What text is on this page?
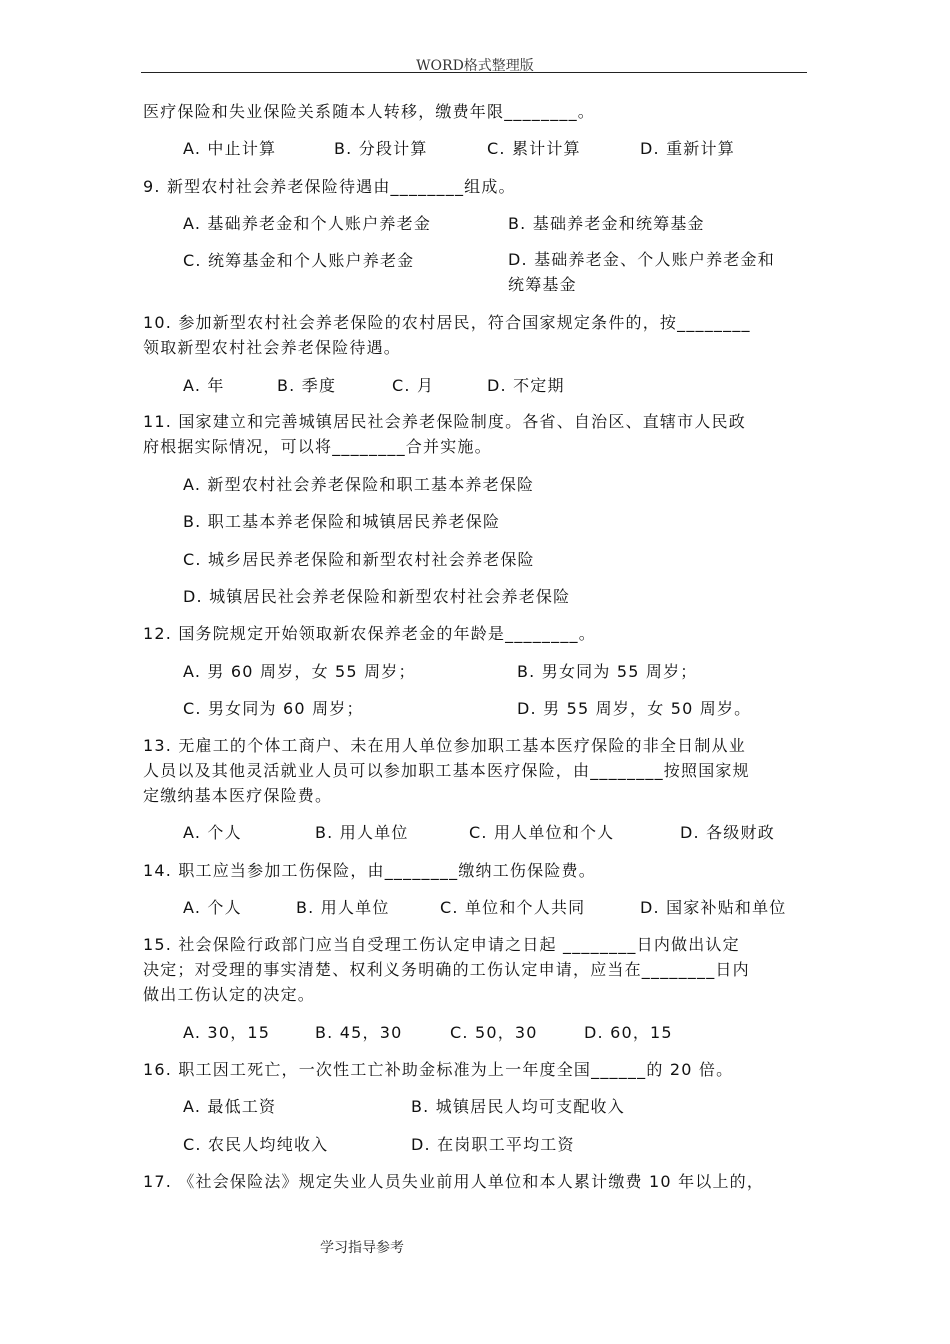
WORD格式整理版
医疗保险和失业保险关系随本人转移，缴费年限________。
A. 中止计算	B. 分段计算	C. 累计计算	D. 重新计算
9. 新型农村社会养老保险待遇由________组成。
A. 基础养老金和个人账户养老金	B. 基础养老金和统筹基金
C. 统筹基金和个人账户养老金	D. 基础养老金、个人账户养老金和统筹基金
10. 参加新型农村社会养老保险的农村居民，符合国家规定条件的，按________
领取新型农村社会养老保险待遇。
A. 年	B. 季度	C. 月	D. 不定期
11. 国家建立和完善城镇居民社会养老保险制度。各省、自治区、直辖市人民政
府根据实际情况，可以将________合并实施。
A. 新型农村社会养老保险和职工基本养老保险
B. 职工基本养老保险和城镇居民养老保险
C. 城乡居民养老保险和新型农村社会养老保险
D. 城镇居民社会养老保险和新型农村社会养老保险
12. 国务院规定开始领取新农保养老金的年龄是________。
A. 男 60 周岁，女 55 周岁；	B. 男女同为 55 周岁；
C. 男女同为 60 周岁；	D. 男 55 周岁，女 50 周岁。
13. 无雇工的个体工商户、未在用人单位参加职工基本医疗保险的非全日制从业
人员以及其他灵活就业人员可以参加职工基本医疗保险，由________按照国家规
定缴纳基本医疗保险费。
A. 个人	B. 用人单位	C. 用人单位和个人	D. 各级财政
14. 职工应当参加工伤保险，由________缴纳工伤保险费。
A. 个人	B. 用人单位	C. 单位和个人共同	D. 国家补贴和单位
15. 社会保险行政部门应当自受理工伤认定申请之日起 ________日内做出认定
决定；对受理的事实清楚、权利义务明确的工伤认定申请，应当在________日内
做出工伤认定的决定。
A. 30，15	B. 45，30	C. 50，30	D. 60，15
16. 职工因工死亡，一次性工亡补助金标准为上一年度全国______的 20 倍。
A. 最低工资	B. 城镇居民人均可支配收入
C. 农民人均纯收入	D. 在岗职工平均工资
17. 《社会保险法》规定失业人员失业前用人单位和本人累计缴费 10 年以上的，
学习指导参考
